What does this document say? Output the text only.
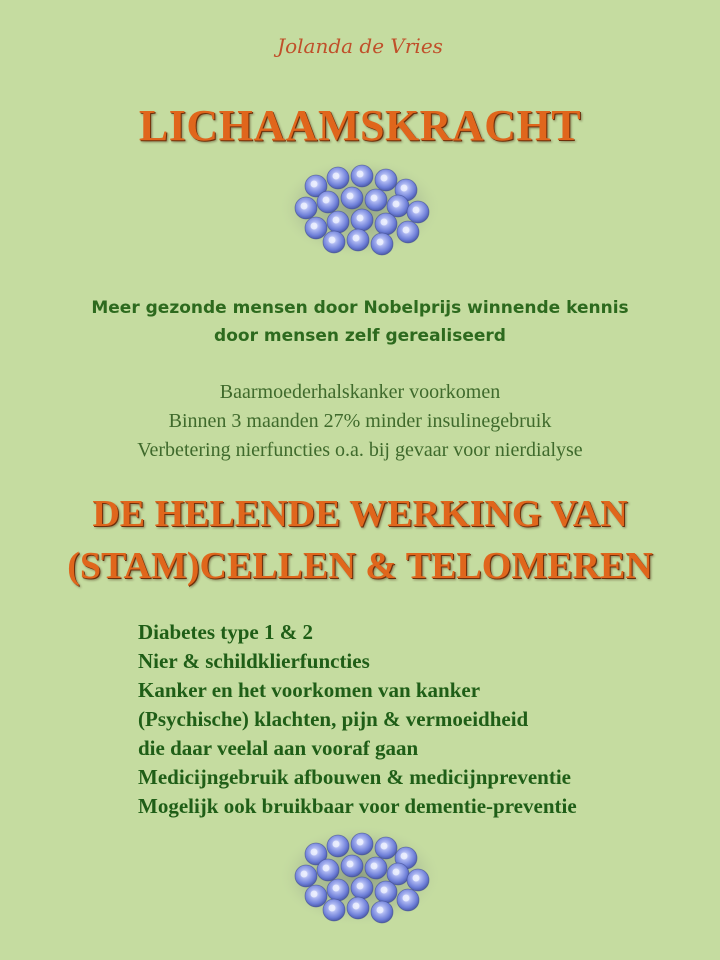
Jolanda de Vries
LICHAAMSKRACHT
Meer gezonde mensen door Nobelprijs winnende kennis
door mensen zelf gerealiseerd
Baarmoederhalskanker voorkomen
Binnen 3 maanden 27% minder insulinegebruik
Verbetering nierfuncties o.a. bij gevaar voor nierdialyse
DE HELENDE WERKING VAN
(STAM)CELLEN & TELOMEREN
Diabetes type 1 & 2
Nier & schildklierfuncties
Kanker en het voorkomen van kanker
(Psychische) klachten, pijn & vermoeidheid
die daar veelal aan vooraf gaan
Medicijngebruik afbouwen & medicijnpreventie
Mogelijk ook bruikbaar voor dementie-preventie
